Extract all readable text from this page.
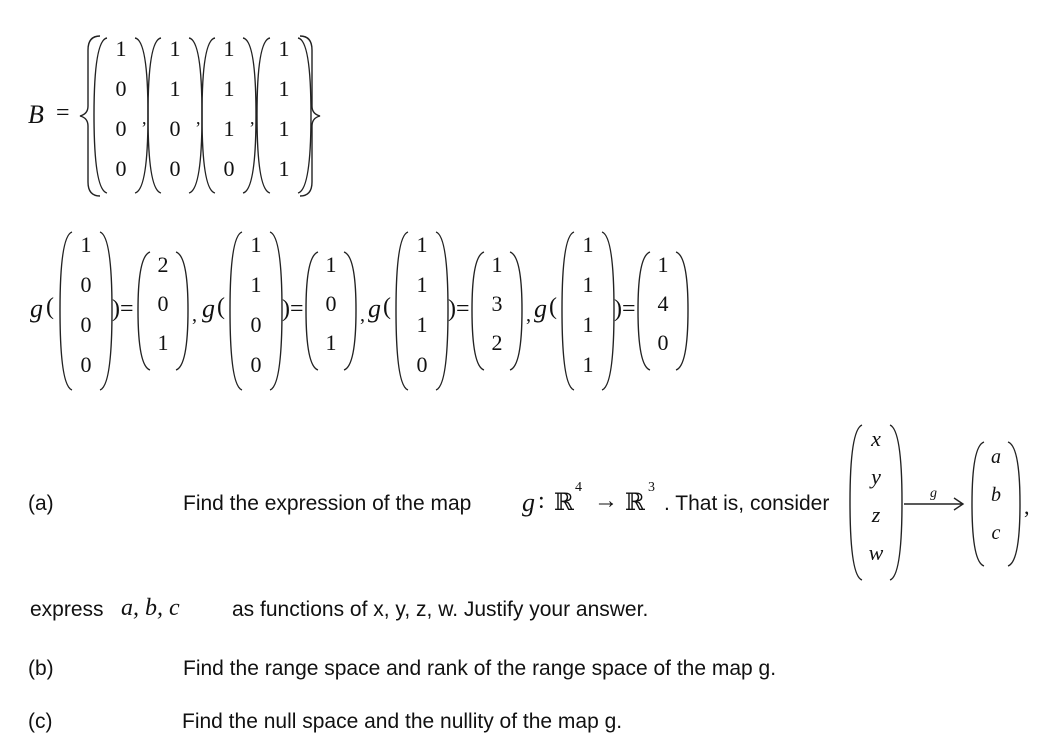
B =
1
0
0
0
,
1
1
0
0
,
1
1
1
0
,
1
1
1
1
g (
1
0
0
0
)=
2
0
1
, g (
1
1
0
0
)=
1
0
1
, g (
1
1
1
0
)=
1
3
2
, g (
1
1
1
1
)=
1
4
0
(a)	Find the expression of the map g : ℝ
4
→ ℝ
3
. That is, consider
x
y
z
w
g
a
b
c
,
express a, b, c as functions of x, y, z, w. Justify your answer.
(b)	Find the range space and rank of the range space of the map g.
(c)	Find the null space and the nullity of the map g.
